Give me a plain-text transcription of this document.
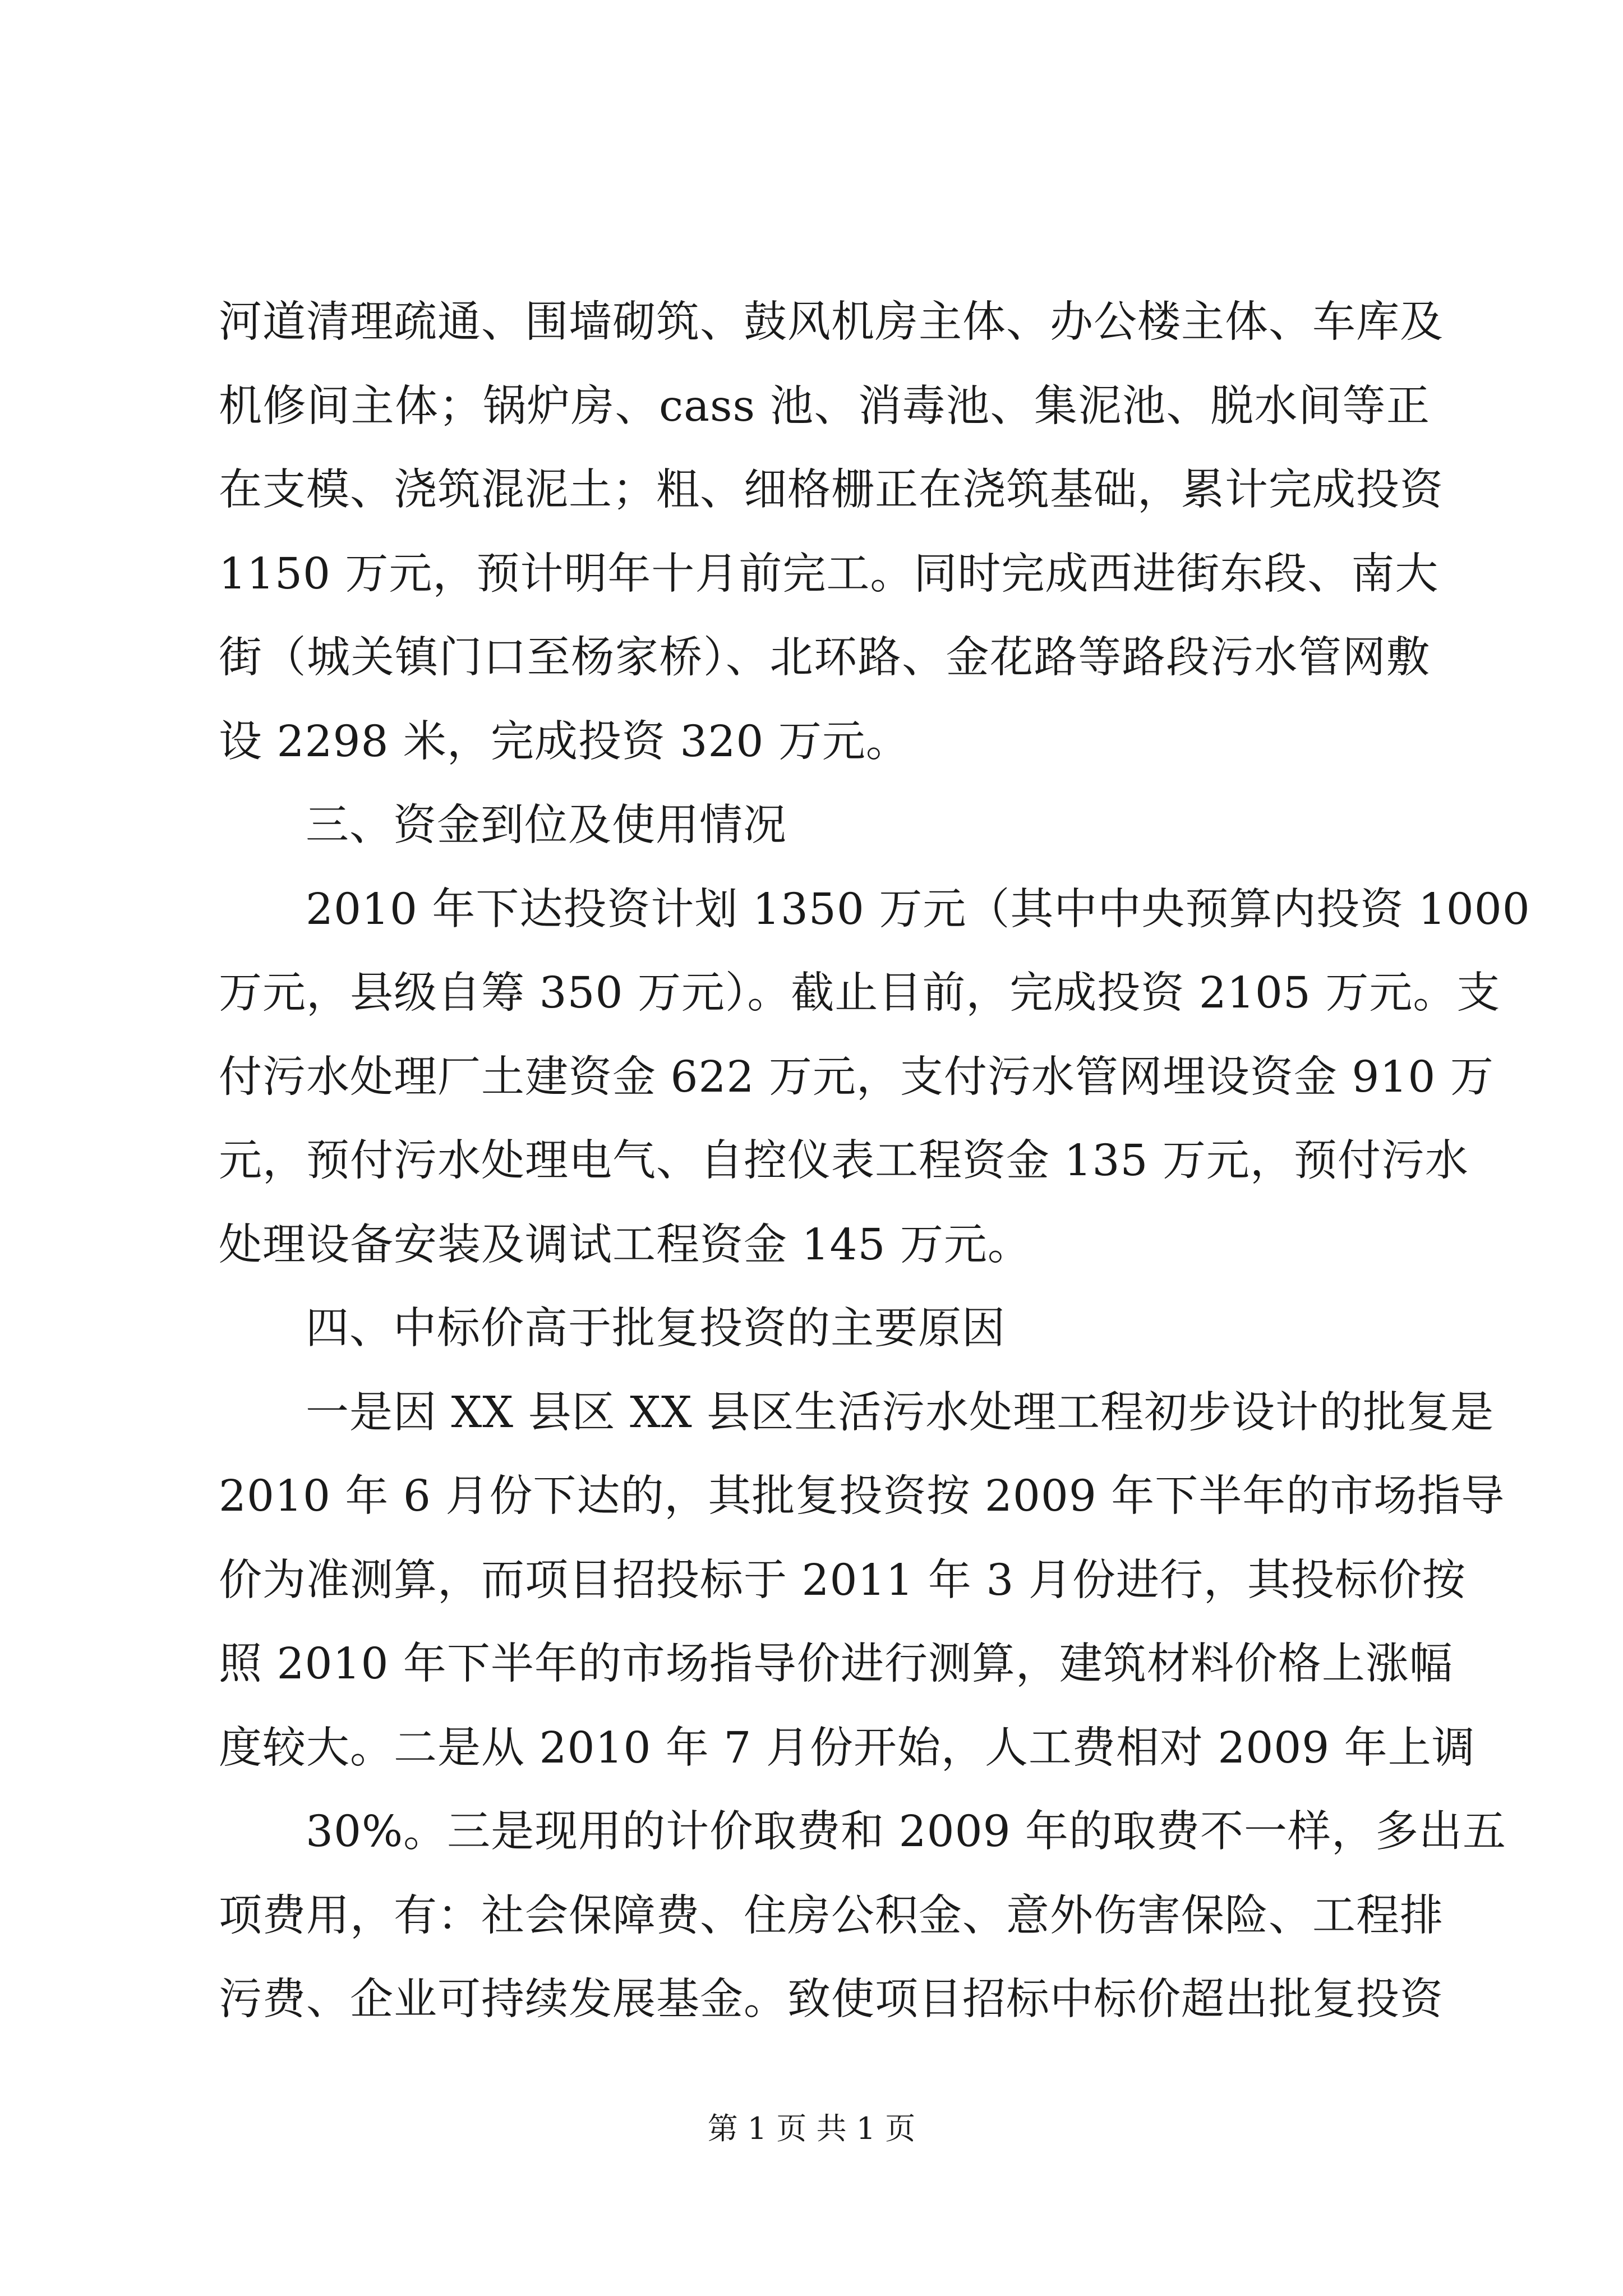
河道清理疏通、围墙砌筑、鼓风机房主体、办公楼主体、车库及
机修间主体；锅炉房、cass 池、消毒池、集泥池、脱水间等正
在支模、浇筑混泥土；粗、细格栅正在浇筑基础，累计完成投资
1150 万元，预计明年十月前完工。同时完成西进街东段、南大
街（城关镇门口至杨家桥）、北环路、金花路等路段污水管网敷
设 2298 米，完成投资 320 万元。
三、资金到位及使用情况
2010 年下达投资计划 1350 万元（其中中央预算内投资 1000
万元，县级自筹 350 万元）。截止目前，完成投资 2105 万元。支
付污水处理厂土建资金 622 万元，支付污水管网埋设资金 910 万
元，预付污水处理电气、自控仪表工程资金 135 万元，预付污水
处理设备安装及调试工程资金 145 万元。
四、中标价高于批复投资的主要原因
一是因 XX 县区 XX 县区生活污水处理工程初步设计的批复是
2010 年 6 月份下达的，其批复投资按 2009 年下半年的市场指导
价为准测算，而项目招投标于 2011 年 3 月份进行，其投标价按
照 2010 年下半年的市场指导价进行测算，建筑材料价格上涨幅
度较大。二是从 2010 年 7 月份开始，人工费相对 2009 年上调
30%。三是现用的计价取费和 2009 年的取费不一样，多出五
项费用，有：社会保障费、住房公积金、意外伤害保险、工程排
污费、企业可持续发展基金。致使项目招标中标价超出批复投资
第 1 页 共 1 页
